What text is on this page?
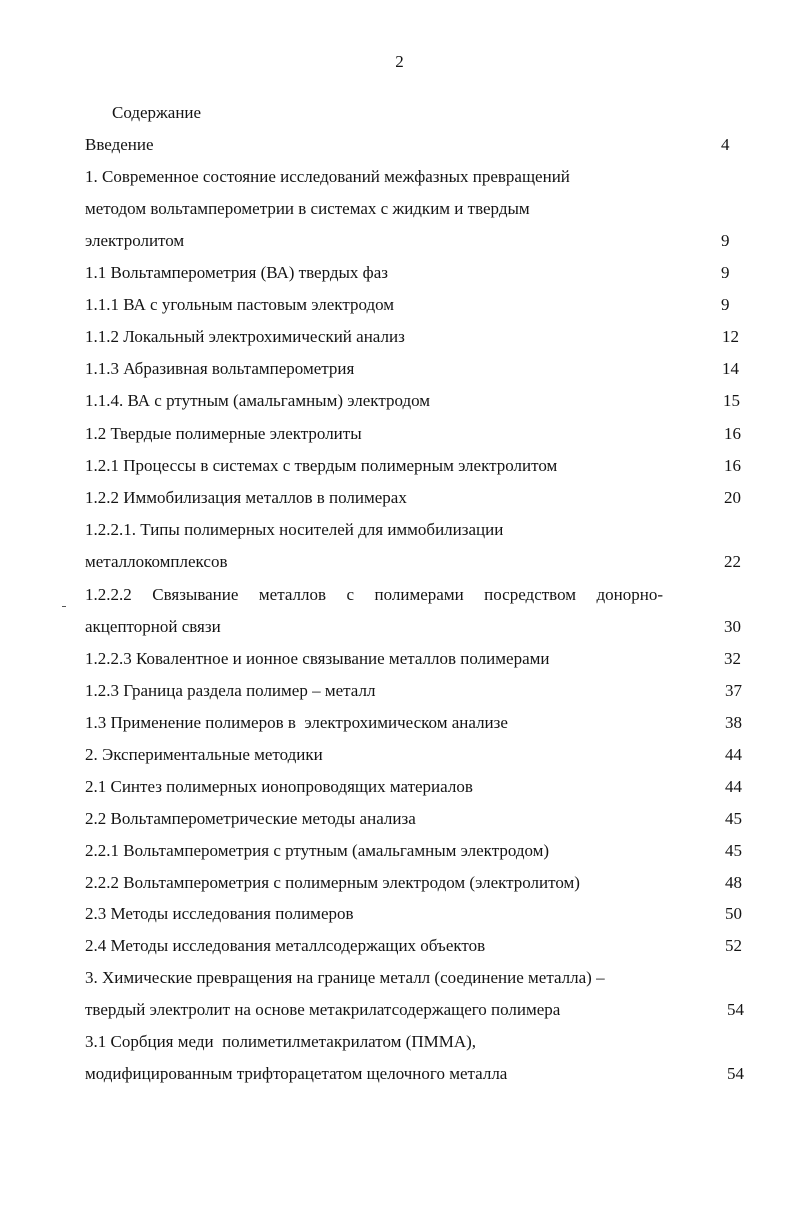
2
Содержание
Введение	4
1. Современное состояние исследований межфазных превращений
методом вольтамперометрии в системах с жидким и твердым
электролитом	9
1.1 Вольтамперометрия (ВА) твердых фаз	9
1.1.1 ВА с угольным пастовым электродом	9
1.1.2 Локальный электрохимический анализ	12
1.1.3 Абразивная вольтамперометрия	14
1.1.4. ВА с ртутным (амальгамным) электродом	15
1.2 Твердые полимерные электролиты	16
1.2.1 Процессы в системах с твердым полимерным электролитом	16
1.2.2 Иммобилизация металлов в полимерах	20
1.2.2.1. Типы полимерных носителей для иммобилизации
металлокомплексов	22
1.2.2.2 Связывание металлов с полимерами посредством донорно-
акцепторной связи	30
1.2.2.3 Ковалентное и ионное связывание металлов полимерами	32
1.2.3 Граница раздела полимер – металл	37
1.3 Применение полимеров в  электрохимическом анализе	38
2. Экспериментальные методики	44
2.1 Синтез полимерных ионопроводящих материалов	44
2.2 Вольтамперометрические методы анализа	45
2.2.1 Вольтамперометрия с ртутным (амальгамным электродом)	45
2.2.2 Вольтамперометрия с полимерным электродом (электролитом)	48
2.3 Методы исследования полимеров	50
2.4 Методы исследования металлсодержащих объектов	52
3. Химические превращения на границе металл (соединение металла) –
твердый электролит на основе метакрилатсодержащего полимера	54
3.1 Сорбция меди  полиметилметакрилатом (ПММА),
модифицированным трифторацетатом щелочного металла	54
